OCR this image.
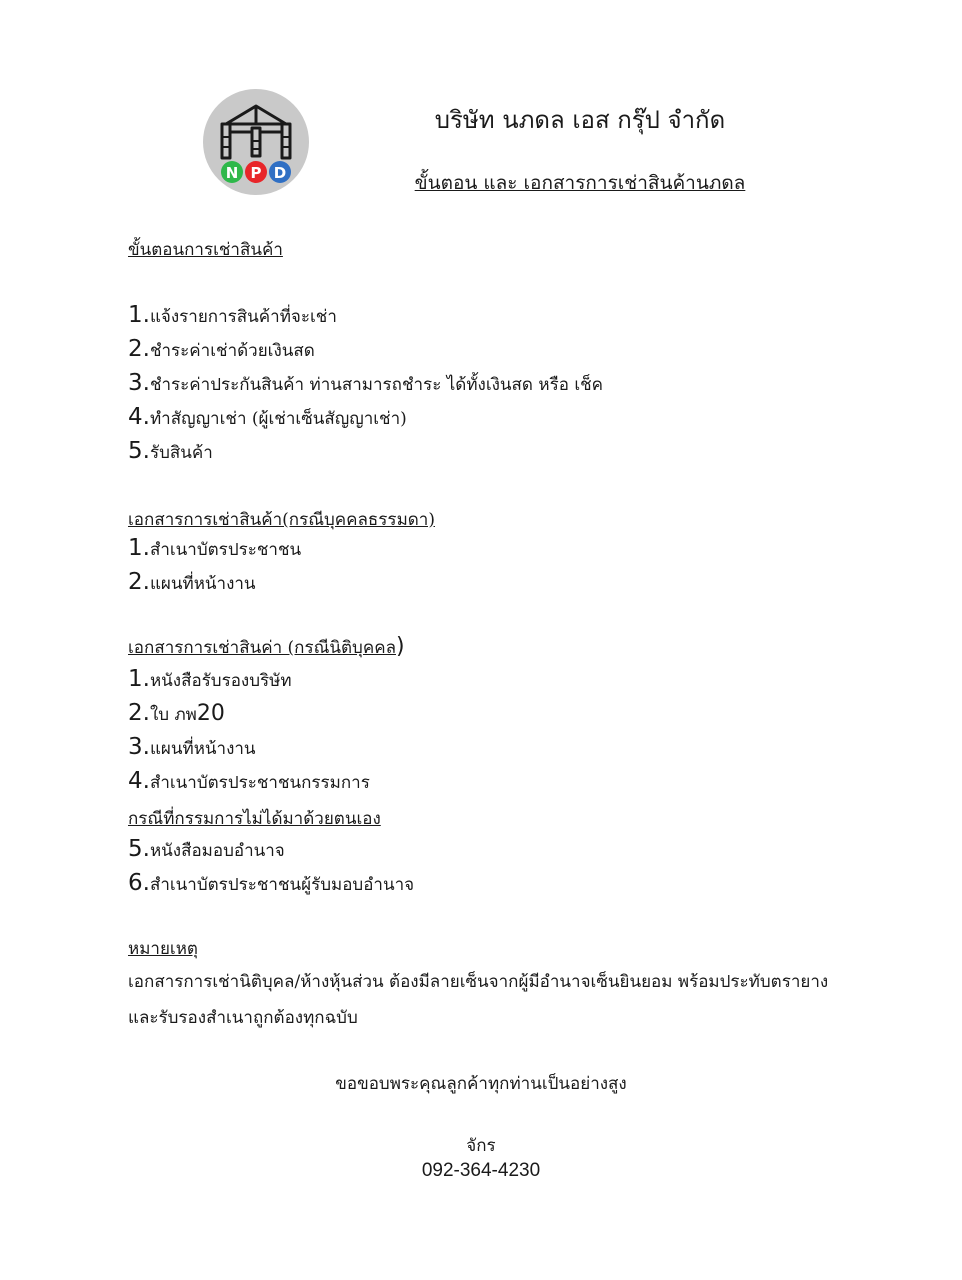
N P D
บริษัท นภดล เอส กรุ๊ป จำกัด
ขั้นตอน และ เอกสารการเช่าสินค้านภดล
ขั้นตอนการเช่าสินค้า
1.แจ้งรายการสินค้าที่จะเช่า
2.ชำระค่าเช่าด้วยเงินสด
3.ชำระค่าประกันสินค้า ท่านสามารถชำระ ได้ทั้งเงินสด หรือ เช็ค
4.ทำสัญญาเช่า (ผู้เช่าเซ็นสัญญาเช่า)
5.รับสินค้า
เอกสารการเช่าสินค้า(กรณีบุคคลธรรมดา)
1.สำเนาบัตรประชาชน
2.แผนที่หน้างาน
เอกสารการเช่าสินค่า (กรณีนิติบุคคล)
1.หนังสือรับรองบริษัท
2.ใบ ภพ20
3.แผนที่หน้างาน
4.สำเนาบัตรประชาชนกรรมการ
กรณีที่กรรมการไม่ได้มาด้วยตนเอง
5.หนังสือมอบอำนาจ
6.สำเนาบัตรประชาชนผู้รับมอบอำนาจ
หมายเหตุ
เอกสารการเช่านิติบุคล/ห้างหุ้นส่วน ต้องมีลายเซ็นจากผู้มีอำนาจเซ็นยินยอม พร้อมประทับตรายาง
และรับรองสำเนาถูกต้องทุกฉบับ
ขอขอบพระคุณลูกค้าทุกท่านเป็นอย่างสูง
จักร
092-364-4230
